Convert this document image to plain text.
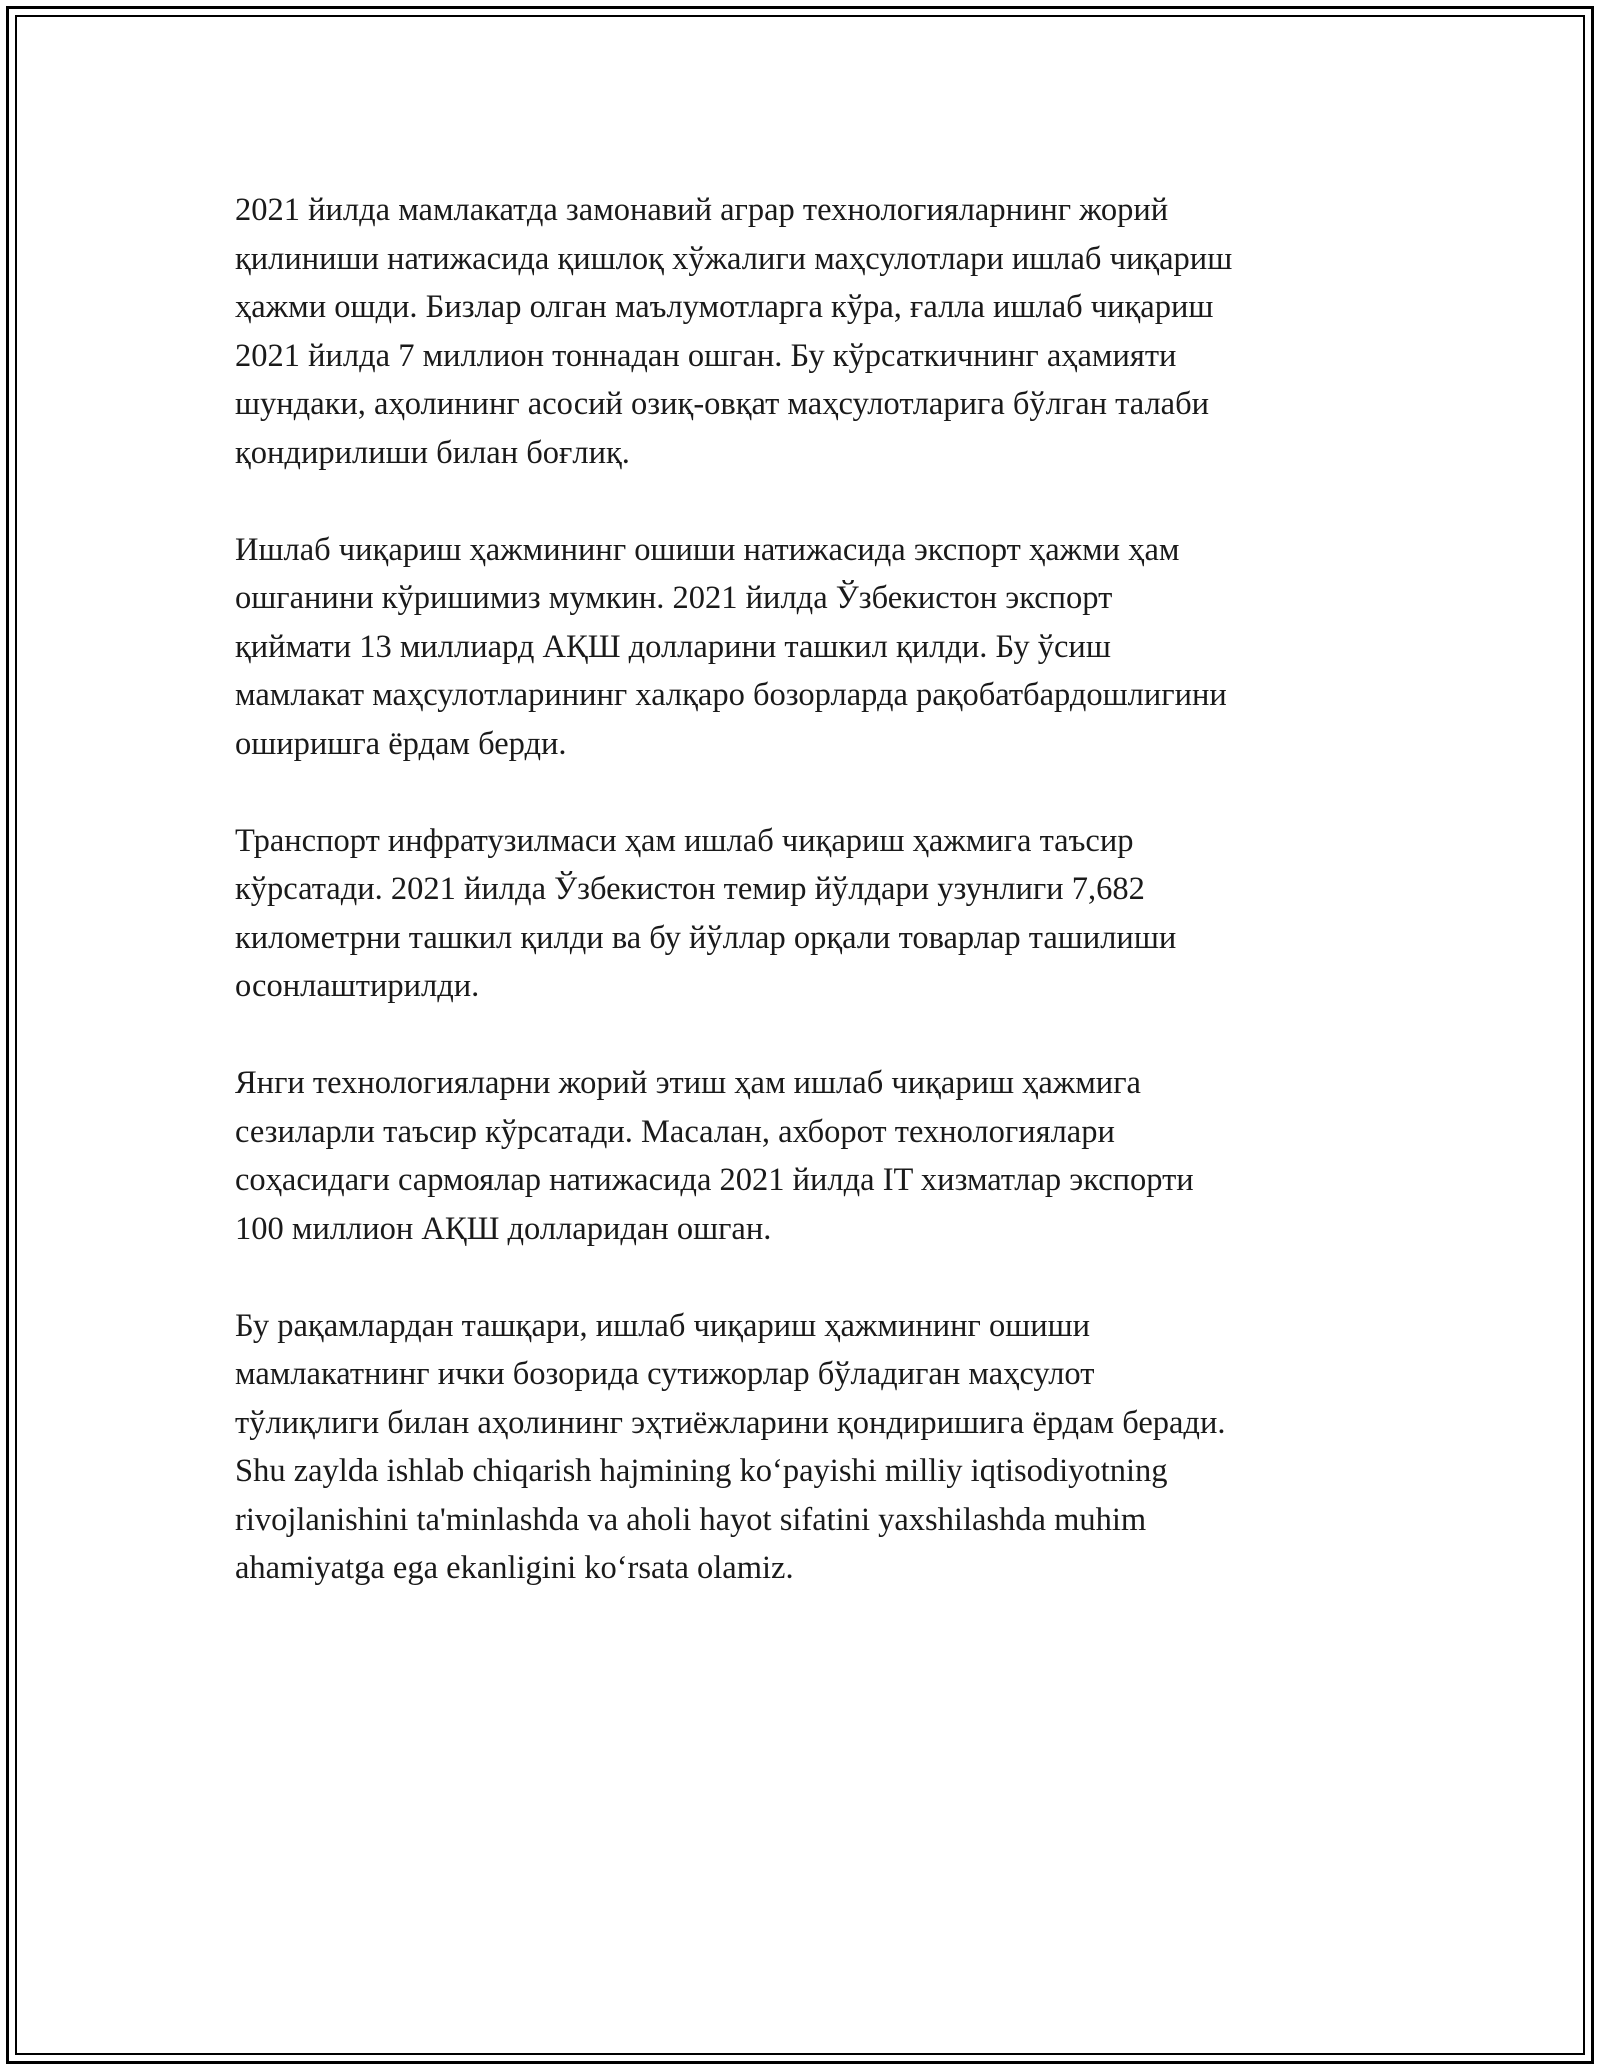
2021 йилда мамлакатда замонавий аграр технологияларнинг жорий
қилиниши натижасида қишлоқ хўжалиги маҳсулотлари ишлаб чиқариш
ҳажми ошди. Бизлар олган маълумотларга кўра, ғалла ишлаб чиқариш
2021 йилда 7 миллион тоннадан ошган. Бу кўрсаткичнинг аҳамияти
шундаки, аҳолининг асосий озиқ-овқат маҳсулотларига бўлган талаби
қондирилиши билан боғлиқ.

Ишлаб чиқариш ҳажмининг ошиши натижасида экспорт ҳажми ҳам
ошганини кўришимиз мумкин. 2021 йилда Ўзбекистон экспорт
қиймати 13 миллиард АҚШ долларини ташкил қилди. Бу ўсиш
мамлакат маҳсулотларининг халқаро бозорларда рақобатбардошлигини
оширишга ёрдам берди.

Транспорт инфратузилмаси ҳам ишлаб чиқариш ҳажмига таъсир
кўрсатади. 2021 йилда Ўзбекистон темир йўлдари узунлиги 7,682
километрни ташкил қилди ва бу йўллар орқали товарлар ташилиши
осонлаштирилди.

Янги технологияларни жорий этиш ҳам ишлаб чиқариш ҳажмига
сезиларли таъсир кўрсатади. Масалан, ахборот технологиялари
соҳасидаги сармоялар натижасида 2021 йилда IT хизматлар экспорти
100 миллион АҚШ долларидан ошган.

Бу рақамлардан ташқари, ишлаб чиқариш ҳажмининг ошиши
мамлакатнинг ички бозорида сутижорлар бўладиган маҳсулот
тўлиқлиги билан аҳолининг эҳтиёжларини қондиришига ёрдам беради.
Shu zaylda ishlab chiqarish hajmining koʻpayishi milliy iqtisodiyotning
rivojlanishini ta'minlashda va aholi hayot sifatini yaxshilashda muhim
ahamiyatga ega ekanligini koʻrsata olamiz.
